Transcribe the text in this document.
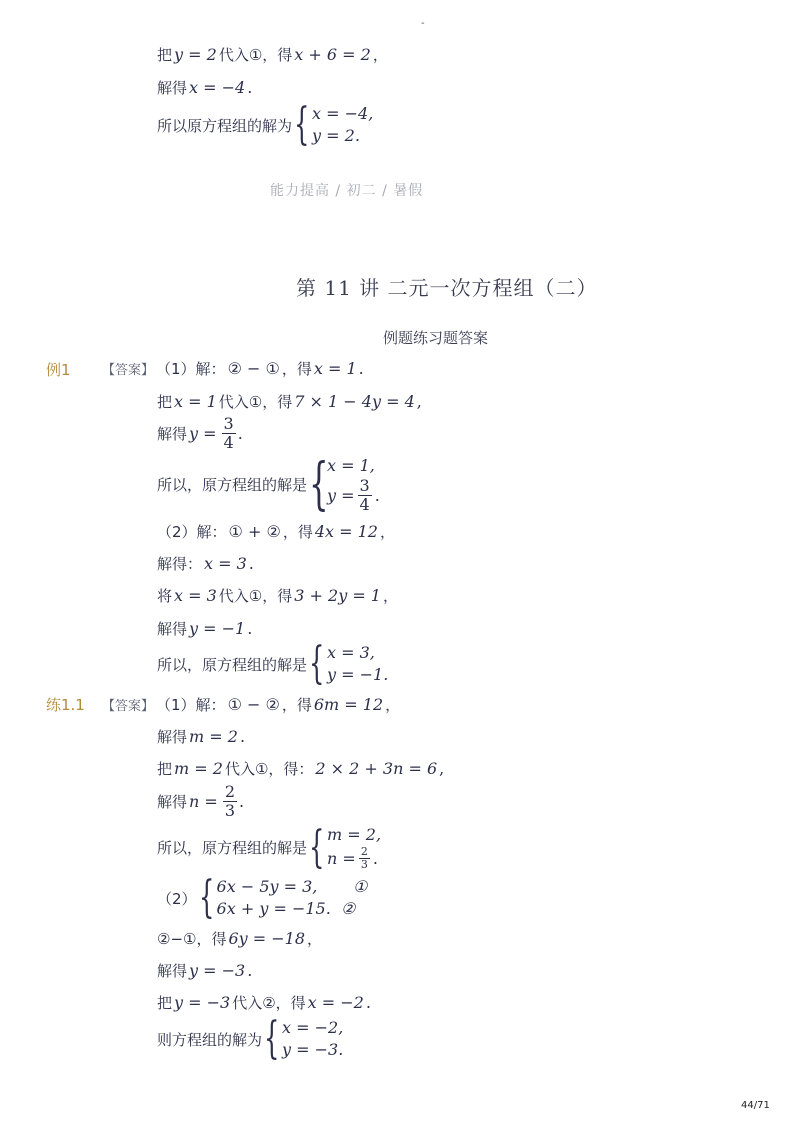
-
把 y = 2 代入①，得 x + 6 = 2 ，
解得 x = −4 .
所以原方程组的解为 { x = −4,
y = 2.
能力提高 / 初二 / 暑假
第 11 讲 二元一次方程组（二）
例题练习题答案
例1 【答案】 （1）解： ② − ① ，得 x = 1 .
把 x = 1 代入①，得 7 × 1 − 4y = 4 ,
解得 $y = \frac{3}{4}$ .
所以，原方程组的解是 {
x = 1,
$y = \frac{3}{4}$ .
（2）解： ① + ② ，得 4x = 12 ，
解得： x = 3 .
将 x = 3 代入①，得 3 + 2y = 1 ，
解得 y = −1 .
所以，原方程组的解是 { x = 3,
y = −1.
练1.1 【答案】 （1）解： ① − ② ，得 6m = 12 ，
解得 m = 2 .
把 m = 2 代入①，得： 2 × 2 + 3n = 6 ,
解得 $n = \frac{2}{3}$ .
所以，原方程组的解是 { m = 2,
$n = \frac{2}{3}$ .
（2） { 6x − 5y = 3,       ①
6x + y = −15.  ②
②−①，得 6y = −18 ，
解得 y = −3 .
把 y = −3 代入②，得 x = −2 .
则方程组的解为 { x = −2,
y = −3.
44/71
